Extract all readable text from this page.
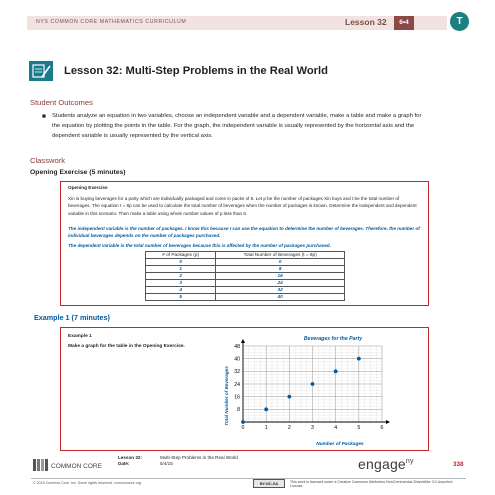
NYS COMMON CORE MATHEMATICS CURRICULUM	Lesson 32	6•4	T
Lesson 32: Multi-Step Problems in the Real World
Student Outcomes
■ Students analyze an equation in two variables, choose an independent variable and a dependent variable, make a table and make a graph for the equation by plotting the points in the table. For the graph, the independent variable is usually represented by the horizontal axis and the dependent variable is usually represented by the vertical axis.
Classwork
Opening Exercise (5 minutes)
Opening Exercise
Xin is buying beverages for a party which are individually packaged and come in packs of 8. Let p be the number of packages Xin buys and t be the total number of beverages. The equation t = 8p can be used to calculate the total number of beverages when the number of packages is known. Determine the independent and dependent variable in this scenario. Then make a table using whole number values of p less than 6.
The independent variable is the number of packages. I know this because I can use the equation to determine the number of beverages. Therefore, the number of individual beverages depends on the number of packages purchased.
The dependent variable is the total number of beverages because this is affected by the number of packages purchased.
# of Packages (p)	Total Number of Beverages (t = 8p)
0	0
1	8
2	16
3	24
4	32
5	40
Example 1 (7 minutes)
Example 1
Make a graph for the table in the Opening Exercise.
Beverages for the Party
0	1	2	3	4	5	6
8
16
24
32
40
48
Number of Packages
Total Number of Beverages
COMMON CORE
Lesson 32:
Date:
Multi-Step Problems in the Real World
5/4/15	engage$^{ny}$	338
© 2015 Common Core, Inc. Some rights reserved. commoncore.org	BY-NC-SA	This work is licensed under a Creative Commons Attribution-NonCommercial-ShareAlike 3.0 Unported License.
